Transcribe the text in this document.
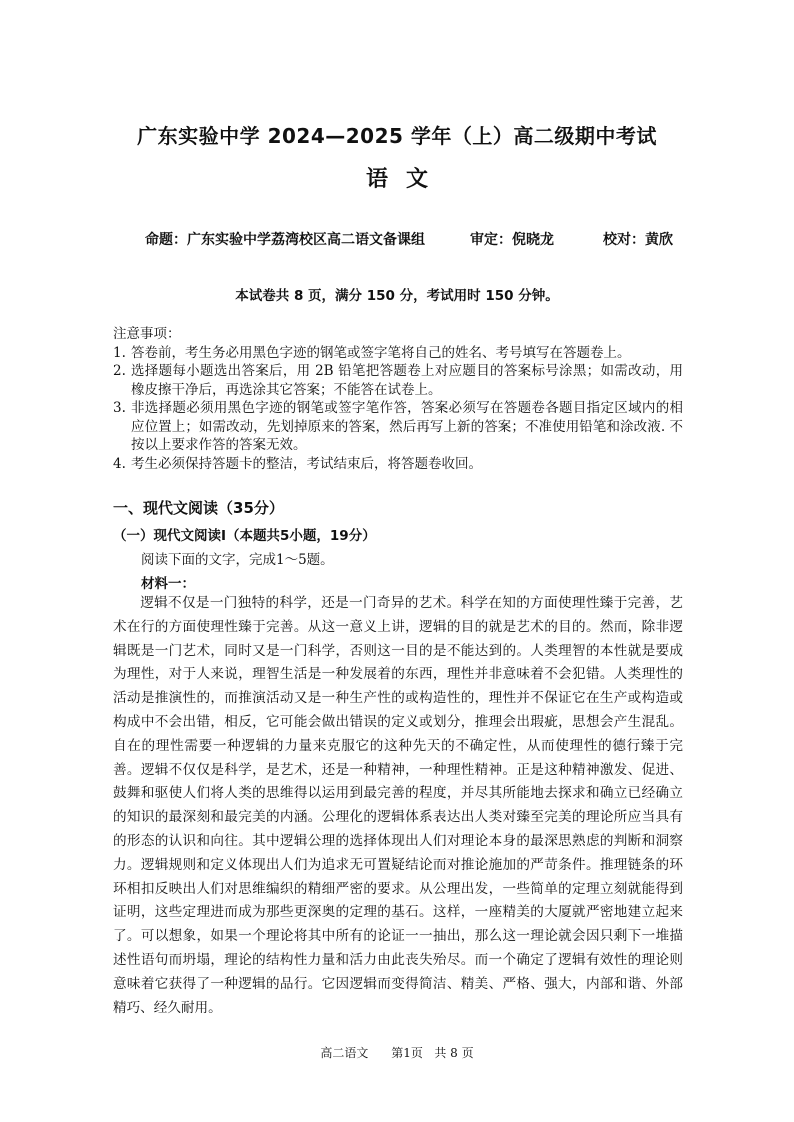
广东实验中学 2024—2025 学年（上）高二级期中考试
语文
命题：广东实验中学荔湾校区高二语文备课组	审定：倪晓龙	校对：黄欣
本试卷共 8 页，满分 150 分，考试用时 150 分钟。

注意事项：

1. 答卷前，考生务必用黑色字迹的钢笔或签字笔将自己的姓名、考号填写在答题卷上。
2. 选择题每小题选出答案后，用 2B 铅笔把答题卷上对应题目的答案标号涂黑；如需改动，用橡皮擦干净后，再选涂其它答案；不能答在试卷上。
3. 非选择题必须用黑色字迹的钢笔或签字笔作答，答案必须写在答题卷各题目指定区域内的相应位置上；如需改动，先划掉原来的答案，然后再写上新的答案；不准使用铅笔和涂改液. 不按以上要求作答的答案无效。
4. 考生必须保持答题卡的整洁，考试结束后，将答题卷收回。
一、现代文阅读（35分）
（一）现代文阅读Ⅰ（本题共5小题，19分）
阅读下面的文字，完成1～5题。
材料一：

逻辑不仅是一门独特的科学，还是一门奇异的艺术。科学在知的方面使理性臻于完善，艺术在行的方面使理性臻于完善。从这一意义上讲，逻辑的目的就是艺术的目的。然而，除非逻辑既是一门艺术，同时又是一门科学，否则这一目的是不能达到的。人类理智的本性就是要成为理性，对于人来说，理智生活是一种发展着的东西，理性并非意味着不会犯错。人类理性的活动是推演性的，而推演活动又是一种生产性的或构造性的，理性并不保证它在生产或构造或构成中不会出错，相反，它可能会做出错误的定义或划分，推理会出瑕疵，思想会产生混乱。自在的理性需要一种逻辑的力量来克服它的这种先天的不确定性，从而使理性的德行臻于完善。逻辑不仅仅是科学，是艺术，还是一种精神，一种理性精神。正是这种精神激发、促进、鼓舞和驱使人们将人类的思维得以运用到最完善的程度，并尽其所能地去探求和确立已经确立的知识的最深刻和最完美的内涵。公理化的逻辑体系表达出人类对臻至完美的理论所应当具有的形态的认识和向往。其中逻辑公理的选择体现出人们对理论本身的最深思熟虑的判断和洞察力。逻辑规则和定义体现出人们为追求无可置疑结论而对推论施加的严苛条件。推理链条的环环相扣反映出人们对思维编织的精细严密的要求。从公理出发，一些简单的定理立刻就能得到证明，这些定理进而成为那些更深奥的定理的基石。这样，一座精美的大厦就严密地建立起来了。可以想象，如果一个理论将其中所有的论证一一抽出，那么这一理论就会因只剩下一堆描述性语句而坍塌，理论的结构性力量和活力由此丧失殆尽。而一个确定了逻辑有效性的理论则意味着它获得了一种逻辑的品行。它因逻辑而变得简洁、精美、严格、强大，内部和谐、外部精巧、经久耐用。

高二语文 第1页 共 8 页
